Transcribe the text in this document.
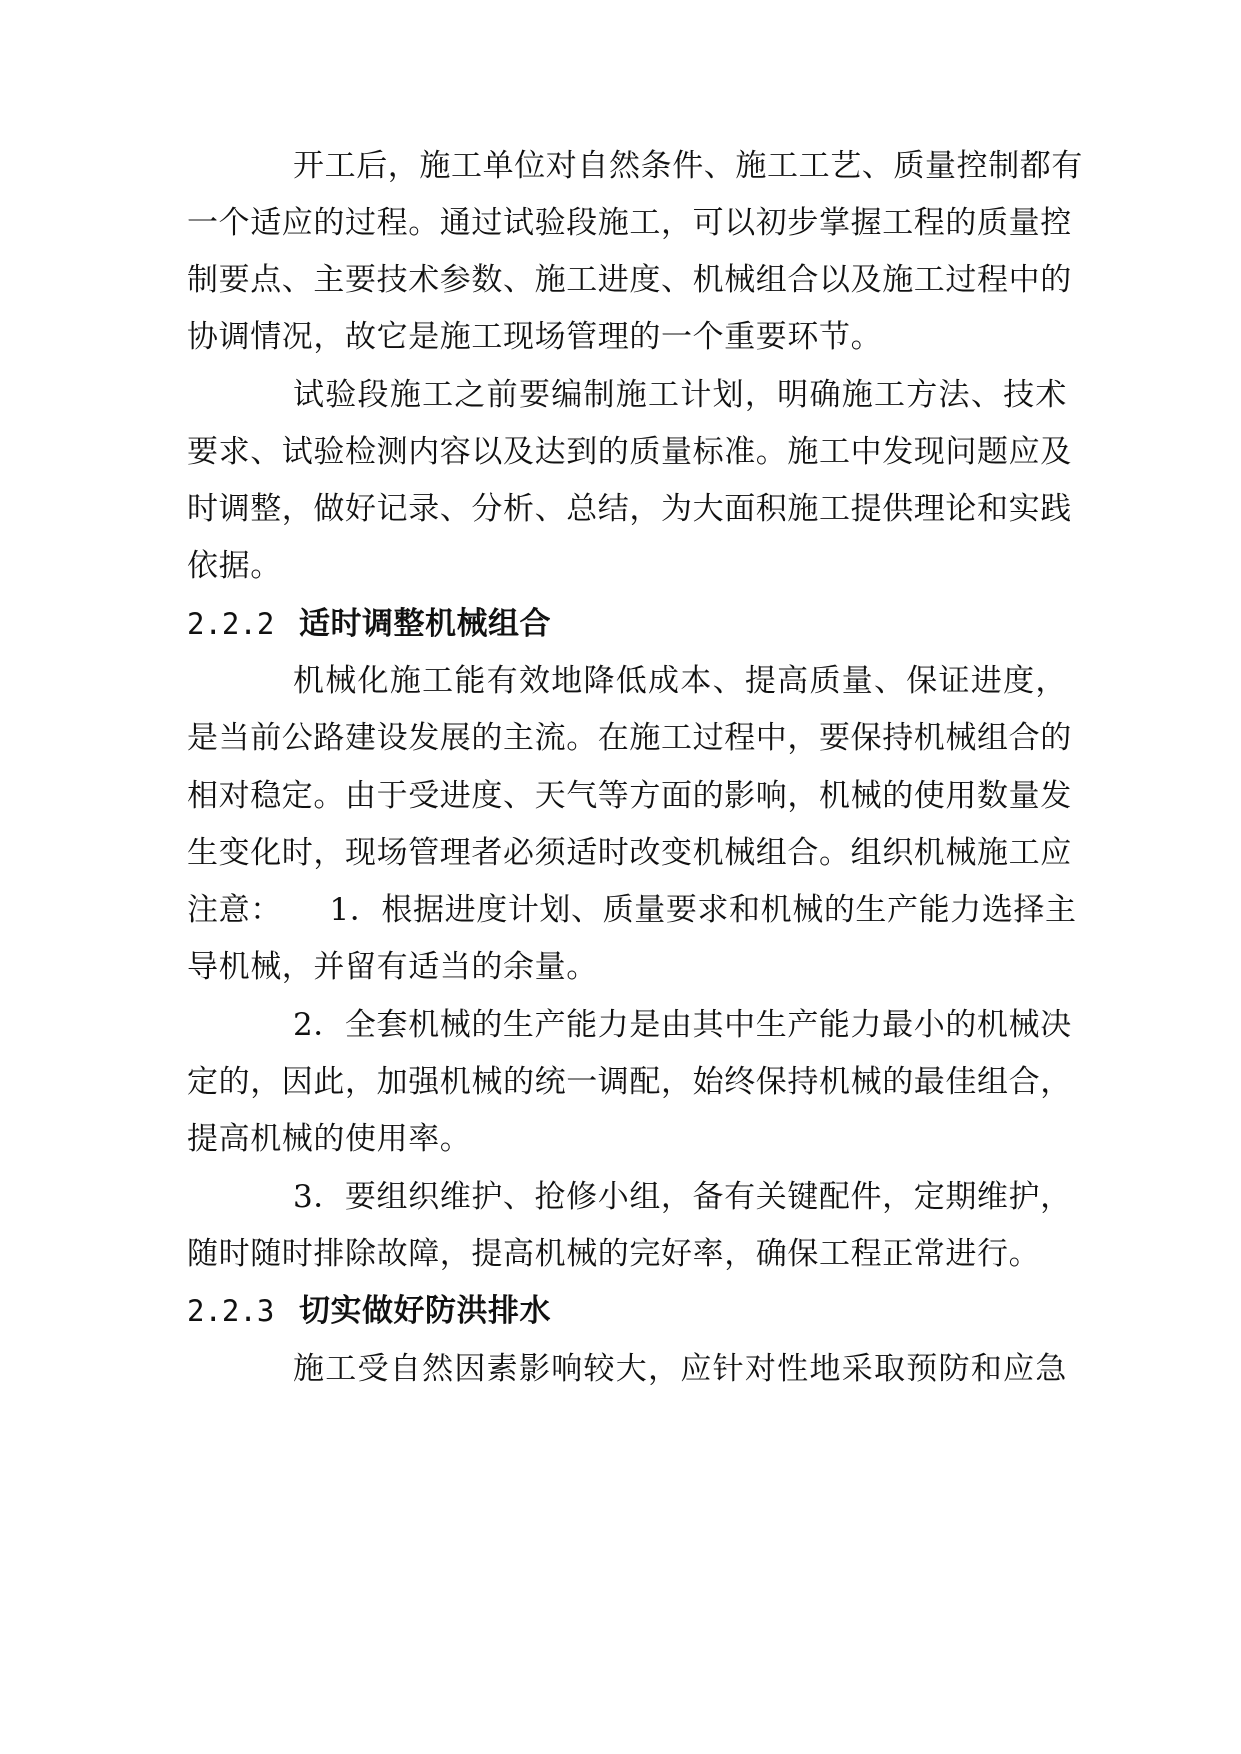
开工后，施工单位对自然条件、施工工艺、质量控制都有
一个适应的过程。通过试验段施工，可以初步掌握工程的质量控
制要点、主要技术参数、施工进度、机械组合以及施工过程中的
协调情况，故它是施工现场管理的一个重要环节。
试验段施工之前要编制施工计划，明确施工方法、技术
要求、试验检测内容以及达到的质量标准。施工中发现问题应及
时调整，做好记录、分析、总结，为大面积施工提供理论和实践
依据。
2.2.2 适时调整机械组合
机械化施工能有效地降低成本、提高质量、保证进度，
是当前公路建设发展的主流。在施工过程中，要保持机械组合的
相对稳定。由于受进度、天气等方面的影响，机械的使用数量发
生变化时，现场管理者必须适时改变机械组合。组织机械施工应
注意：　　1．根据进度计划、质量要求和机械的生产能力选择主
导机械，并留有适当的余量。
2．全套机械的生产能力是由其中生产能力最小的机械决
定的，因此，加强机械的统一调配，始终保持机械的最佳组合，
提高机械的使用率。
3．要组织维护、抢修小组，备有关键配件，定期维护，
随时随时排除故障，提高机械的完好率，确保工程正常进行。
2.2.3 切实做好防洪排水
施工受自然因素影响较大，应针对性地采取预防和应急
